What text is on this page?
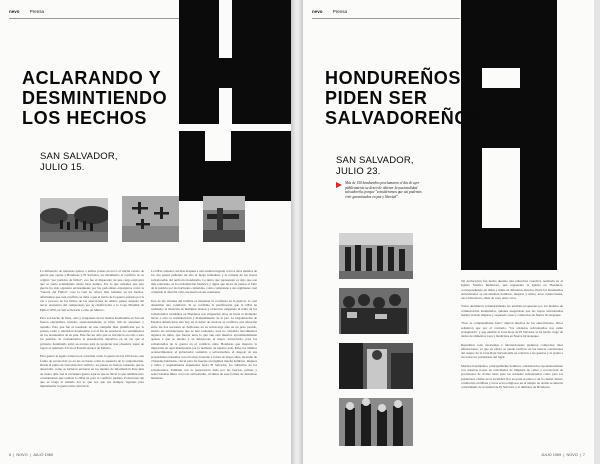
nevo Prensa
ACLARANDO Y
DESMINTIENDO
LOS HECHOS
SAN SALVADOR,
JULIO 15.

La influencia de intereses ajenos a ambos países provocó el inicial estado de guerra que opone a Honduras y El Salvador, su tratamiento el conflicto no se originó "por partidos de fútbol", eso fue el disparador de una carga explosiva que se venía acumulando desde hace tiempo. Por lo que sabemos que esta guerra ha sido expuesta erróneamente por las periodistas extranjeros como la "Guerra del Fútbol" cosa la cual no ofrece más tomanse en los hechos. Afirmamos que este conflicto se debe a que el inicio de la guerra entraría por la vía a proceso de los fúlbos de las selecciones de ambos países después del tercer encuentro del campeonato por la clasificación a la Copa Mundial de Fútbol 1970, el cual se llevaría a cabo en México.

Pero son hecho de furia, odio y venganzas de las bandas hondureñas en San así fueron expandidos tratados apasionadamente se hilar; mil de asesinato y repudio. Esto que fue el resultado de una campaña bien planificada por la prensa, radio y televisión hondureñas con el fin de enardecer los sentimientos de los hondureños de su país. Este fue un odio que se involucró en odio a esto los pueblos. Si consideramos la presentación deportiva en de ver que el gobierno hondureño tomó su excusa para de propiciar una obsesión: zapar de lograr el resultado 3-0 en el Estadio Azteca de México.

Esta guerra la agudo tomaron en conexión como la guerra de las 100 horas, una forma de reconocida ya en las acciones como la ausencia de la vulgarización. Desde el punto de vista más del conflicto, los países no fueron consiente que se desarrolló, como se hicieron erróneas en los medios de información hace más de cuatro días. Así la verdadera guerra aquí es que se inició lo que también tuvo considerables que realizar la OEA en para el conflicto pudiera evolucionar sin que se tenga el tamaño del lo que sea que sus siempre vigentes para implementar la guerra más sobrevivir.

La OEA comenzó así días después a una reunión urgente con los altos mandos de los dos países pidiendo un alto al fuego inmediato y la retirada de las tropas salvadoreñas del territorio hondureño. La única que representar es algo que son más relevadas, es la revitalización histórica y digna que ahora de pensar el fallo de la justicia por las barbaries cometidas, como comprende a sus regímenes cual cometido la derecha a fin, necesaria en sus reuniones.

Una de las virtudes del hombre es mantener la confianza en la justicia, lo cual determina una condición. Si se confirma la justificación que la OEA ha realizado: la situación de múltiples abusos y el decreto exigiendo el retiro de los salvadoreños residentes en Honduras son exigencias altos de hasta el momento llevar a cabo la normalización y mantenimiento de la paz. La Organización de Estados Americanos esta hoy en el deber de resolver el conflicto, una situación entre las dos naciones no dedicadas en su sobrecarga ante en un peso pesado, siendo las articulaciones que se han contenido, para no olvidarlo movimientos algunos de mina, que fueron unos lo que aun está muertos aproximadamente apenas a que se intenta y se detuvieron, el nuevo sobrevivido, para los salvadoreños de la guerra en el conflicto entre Honduras que masacre la migración en aquí manifestada por lo hermano de nuestro país. Entre los últimos acontecimientos: el gobernador sometido a salvadoreños, el despojo de sus propiedades obtenidas con el trabajo honrado a través de largos años, incendio de viviendas habitadas, cárcel para las fuerzas en régimen mucha hombres, mujeres y niños y seguidamente expulsados hacia El Salvador, los vehículos de los salvadoreños. También con la persecución dada por las fuerzas, primas y seleccionadas miles con todo salvadoreño, víctimas de esas formas de destruirse humanas.

6  |  NOVO  |  JULIO 1969
nevo Prensa
HONDUREÑOS
PIDEN SER
SALVADOREÑOS
SAN SALVADOR,
JULIO 23.
Más de 150 hondureños proclamaron el día de ayer públicamente su deseo de obtener la nacionalidad salvadoreña, porque "consideramos que así podemos vivir garantizados en paz y libertad".

Tal declaración fue hecha durante una entrevista colectiva realizada en la Iglesia Nuestra Redentora, que representa la Iglesia en Honduras, correspondiendo así miles y miles de diferentes abordas. Entre los hondureños entrevistados se encontraban hombres, mujeres y niños, unos comerciantes, otros labradores, amas de casa, entre otros.

Todos decidieron voluntariamente las terribles propuestas por los mandos de comunicación hondureños, quienes aseguraban que las tropas salvadoreñas habían violado mujeres y saqueado casas y comercios de Nueva Ocotepeque.

"Esto es completamente falso" dijeron muchos de los entrevistados. Otros señalaron que por el contrario, "los soldados salvadoreños nos están protegiendo" y que además la Cruz Roja de El Salvador se ha hecho cargo de darles de alimentos ropa y medicinas en Nueva Ocotepeque.

Repetimos todo nacionales e internacionales pudieron comprobar tales afirmaciones, ya que en efecto se puede verificar en las nuevas condiciones del cuerpo de la Cruz Roja Salvadoreña en relación a las guerras y la ayuda a los todos los pobladores del lugar.

Muchos hondureños, principalmente hombres, solidarizados espontáneamente con nuestras tropas en actividades de limpieza de calles y recolección de provisiones de civiles tanto para los soldados salvadoreños como para los pobladores civiles de la localidad. Por su parte el párroco de la ciudad obtuvo conmovido en Misas y otros actos religiosos en el templo en donde se amerón coincidiendo de la unidad de El Salvador y el militares de Honduras.

JULIO 1969  |  NOVO  |  7
